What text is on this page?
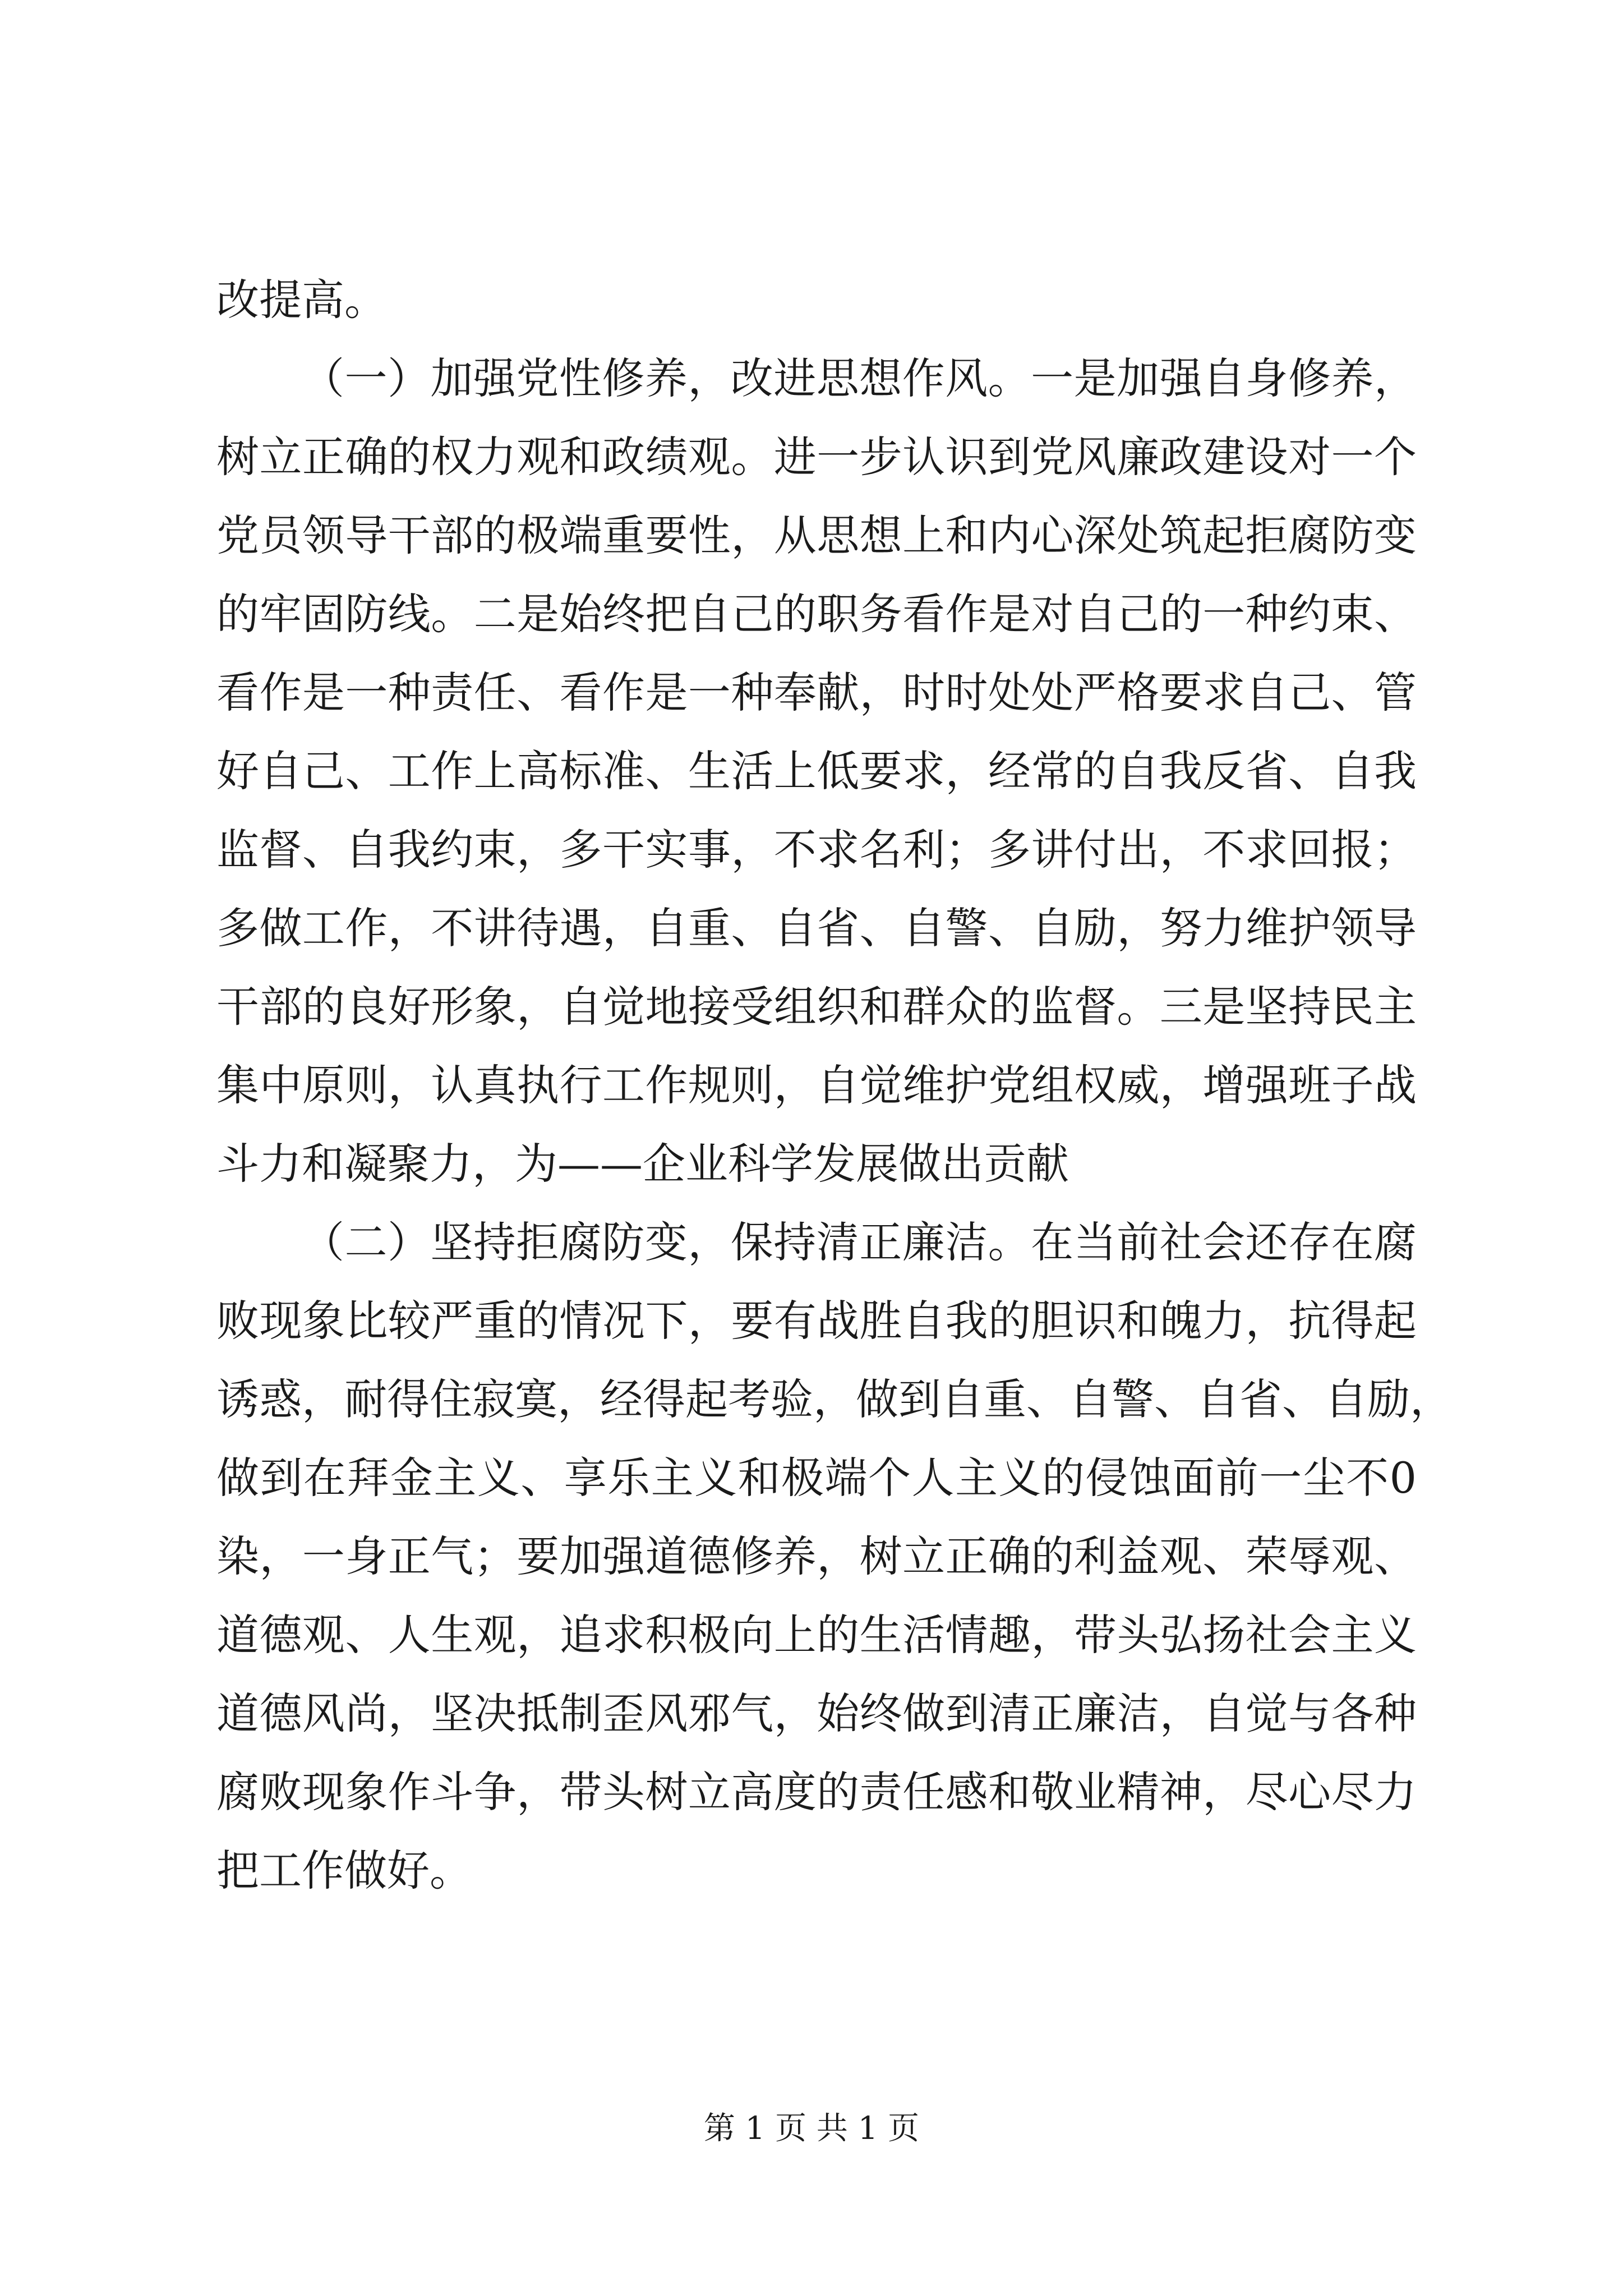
改提高。
（一）加强党性修养，改进思想作风。一是加强自身修养，
树立正确的权力观和政绩观。进一步认识到党风廉政建设对一个
党员领导干部的极端重要性，从思想上和内心深处筑起拒腐防变
的牢固防线。二是始终把自己的职务看作是对自己的一种约束、
看作是一种责任、看作是一种奉献，时时处处严格要求自己、管
好自己、工作上高标准、生活上低要求，经常的自我反省、自我
监督、自我约束，多干实事，不求名利；多讲付出，不求回报；
多做工作，不讲待遇，自重、自省、自警、自励，努力维护领导
干部的良好形象，自觉地接受组织和群众的监督。三是坚持民主
集中原则，认真执行工作规则，自觉维护党组权威，增强班子战
斗力和凝聚力，为——企业科学发展做出贡献
（二）坚持拒腐防变，保持清正廉洁。在当前社会还存在腐
败现象比较严重的情况下，要有战胜自我的胆识和魄力，抗得起
诱惑，耐得住寂寞，经得起考验，做到自重、自警、自省、自励，
做到在拜金主义、享乐主义和极端个人主义的侵蚀面前一尘不0
染，一身正气；要加强道德修养，树立正确的利益观、荣辱观、
道德观、人生观，追求积极向上的生活情趣，带头弘扬社会主义
道德风尚，坚决抵制歪风邪气，始终做到清正廉洁，自觉与各种
腐败现象作斗争，带头树立高度的责任感和敬业精神，尽心尽力
把工作做好。
第 1 页 共 1 页
